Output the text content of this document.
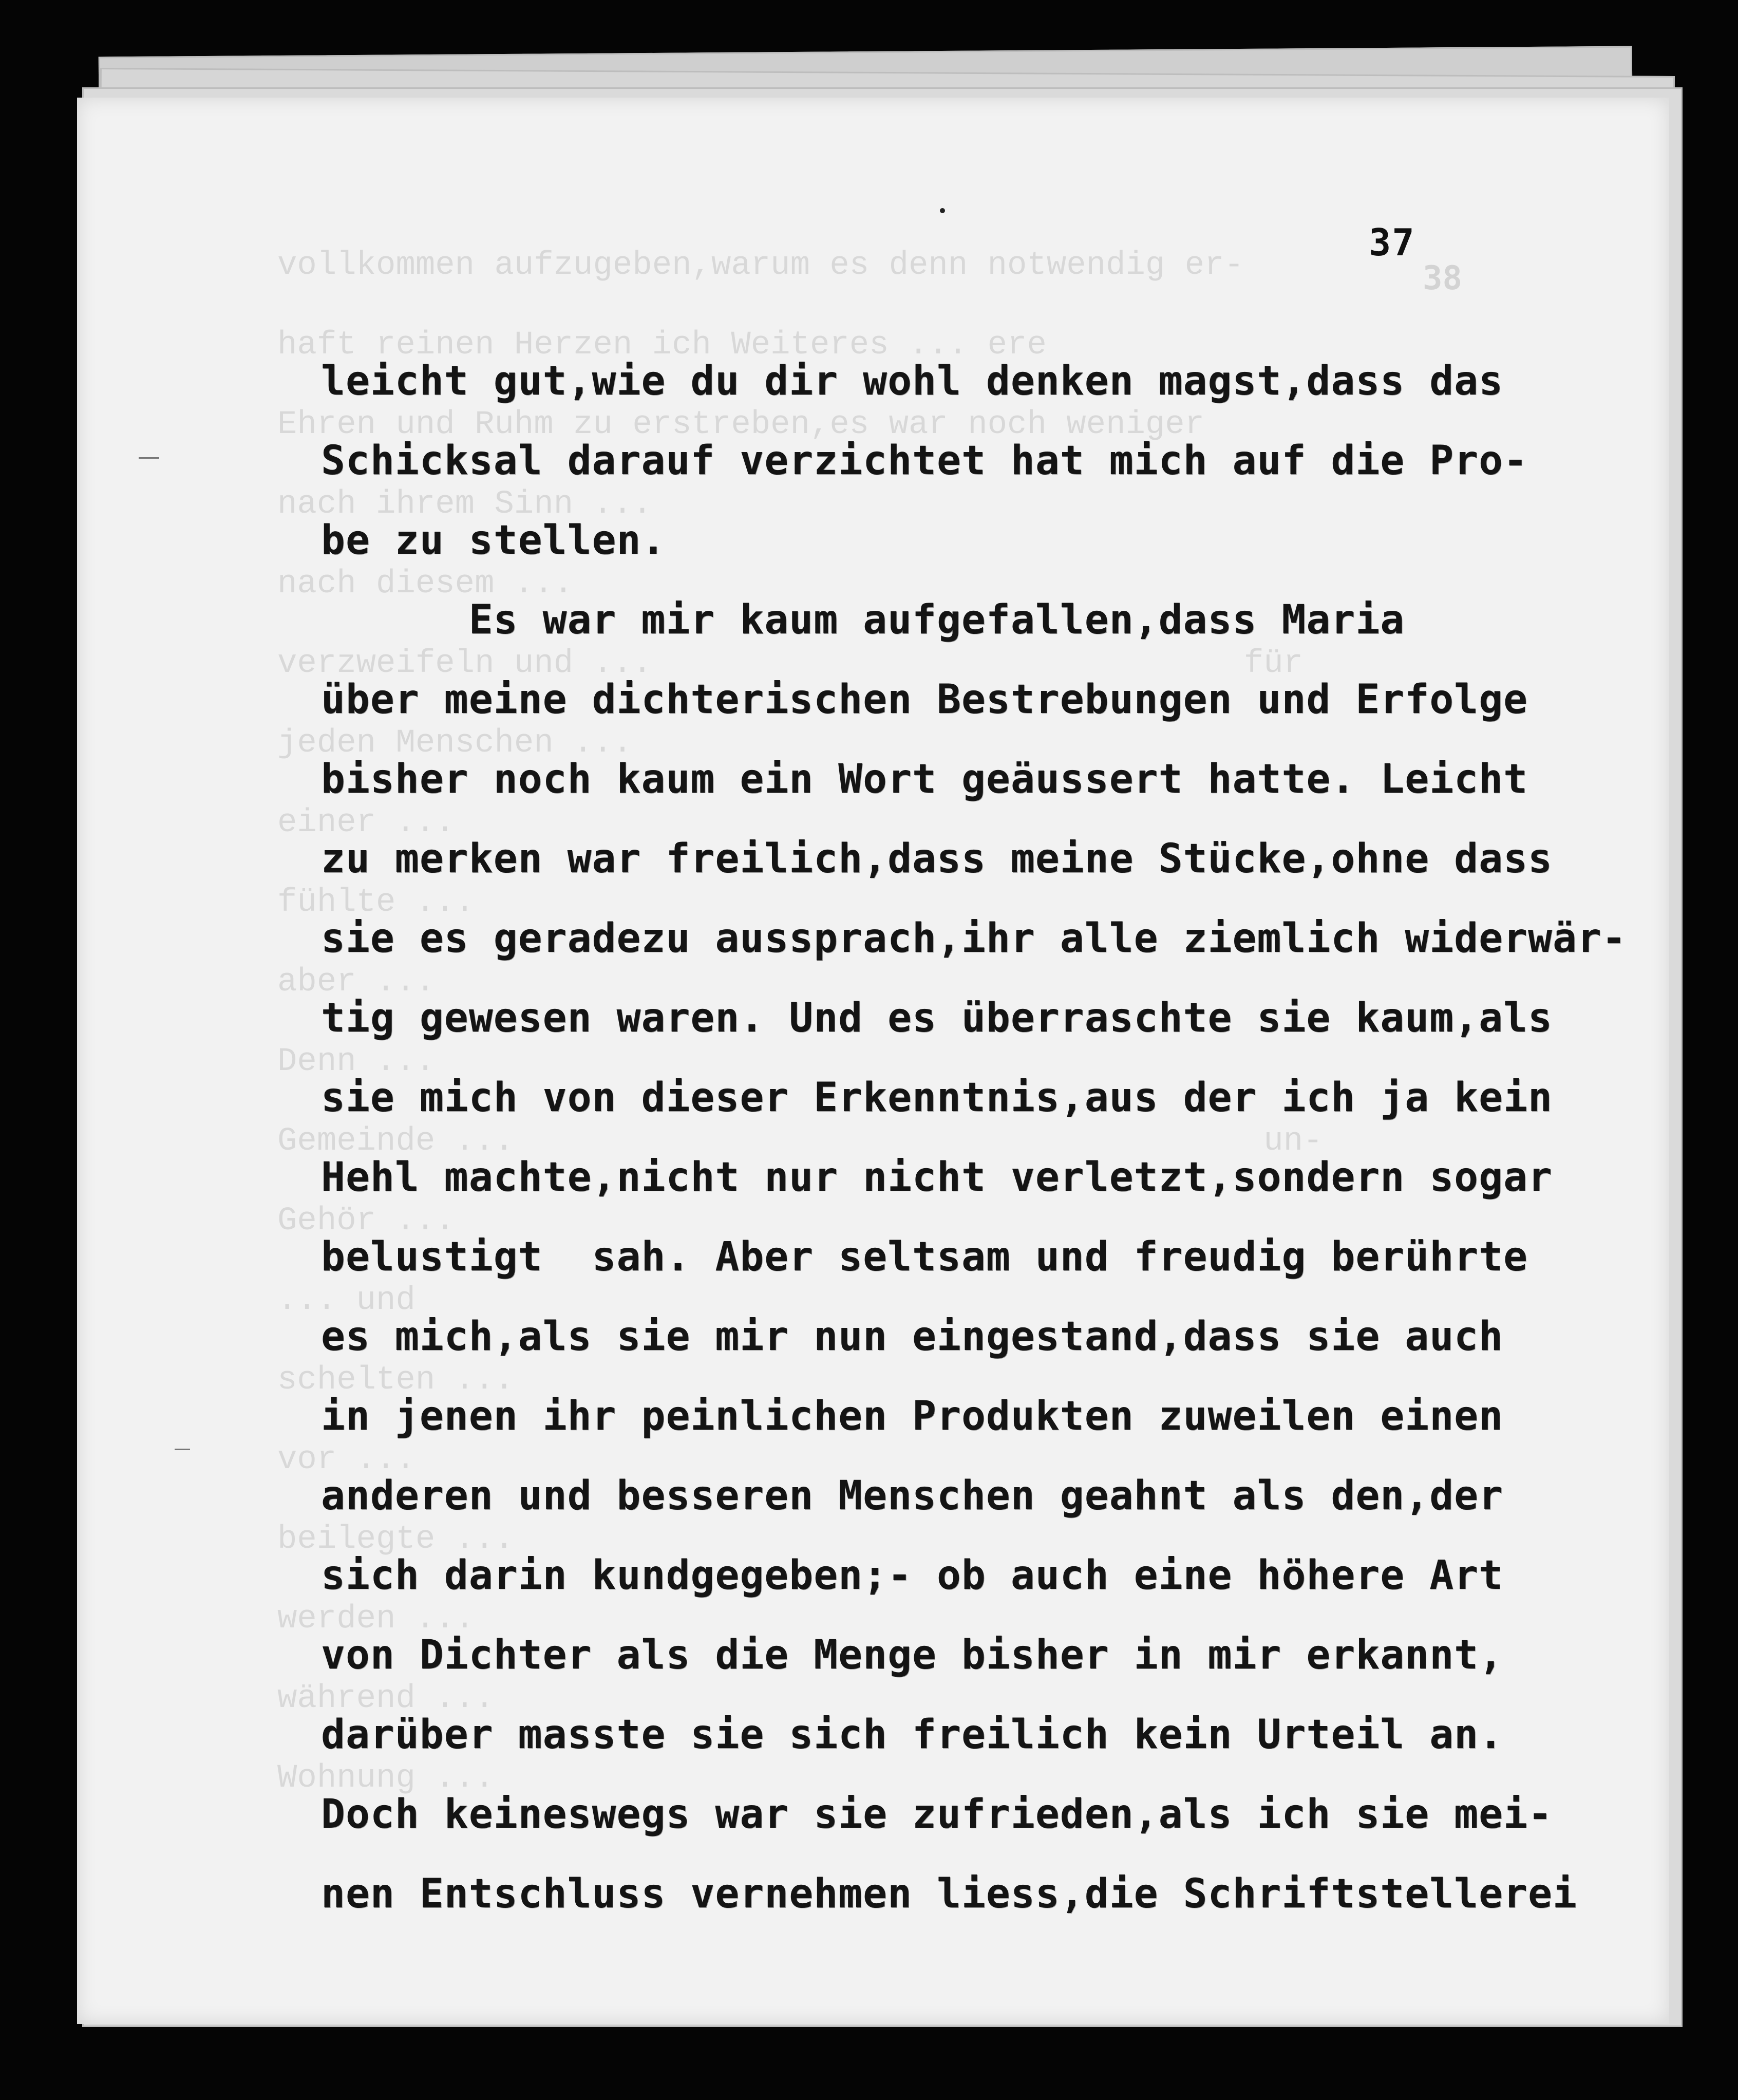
38
37
leicht gut,wie du dir wohl denken magst,dass das
Schicksal darauf verzichtet hat mich auf die Pro-
be zu stellen.
Es war mir kaum aufgefallen,dass Maria
über meine dichterischen Bestrebungen und Erfolge
bisher noch kaum ein Wort geäussert hatte. Leicht
zu merken war freilich,dass meine Stücke,ohne dass
sie es geradezu aussprach,ihr alle ziemlich widerwär-
tig gewesen waren. Und es überraschte sie kaum,als
sie mich von dieser Erkenntnis,aus der ich ja kein
Hehl machte,nicht nur nicht verletzt,sondern sogar
belustigt  sah. Aber seltsam und freudig berührte
es mich,als sie mir nun eingestand,dass sie auch
in jenen ihr peinlichen Produkten zuweilen einen
anderen und besseren Menschen geahnt als den,der
sich darin kundgegeben;- ob auch eine höhere Art
von Dichter als die Menge bisher in mir erkannt,
darüber masste sie sich freilich kein Urteil an.
Doch keineswegs war sie zufrieden,als ich sie mei-
nen Entschluss vernehmen liess,die Schriftstellerei
